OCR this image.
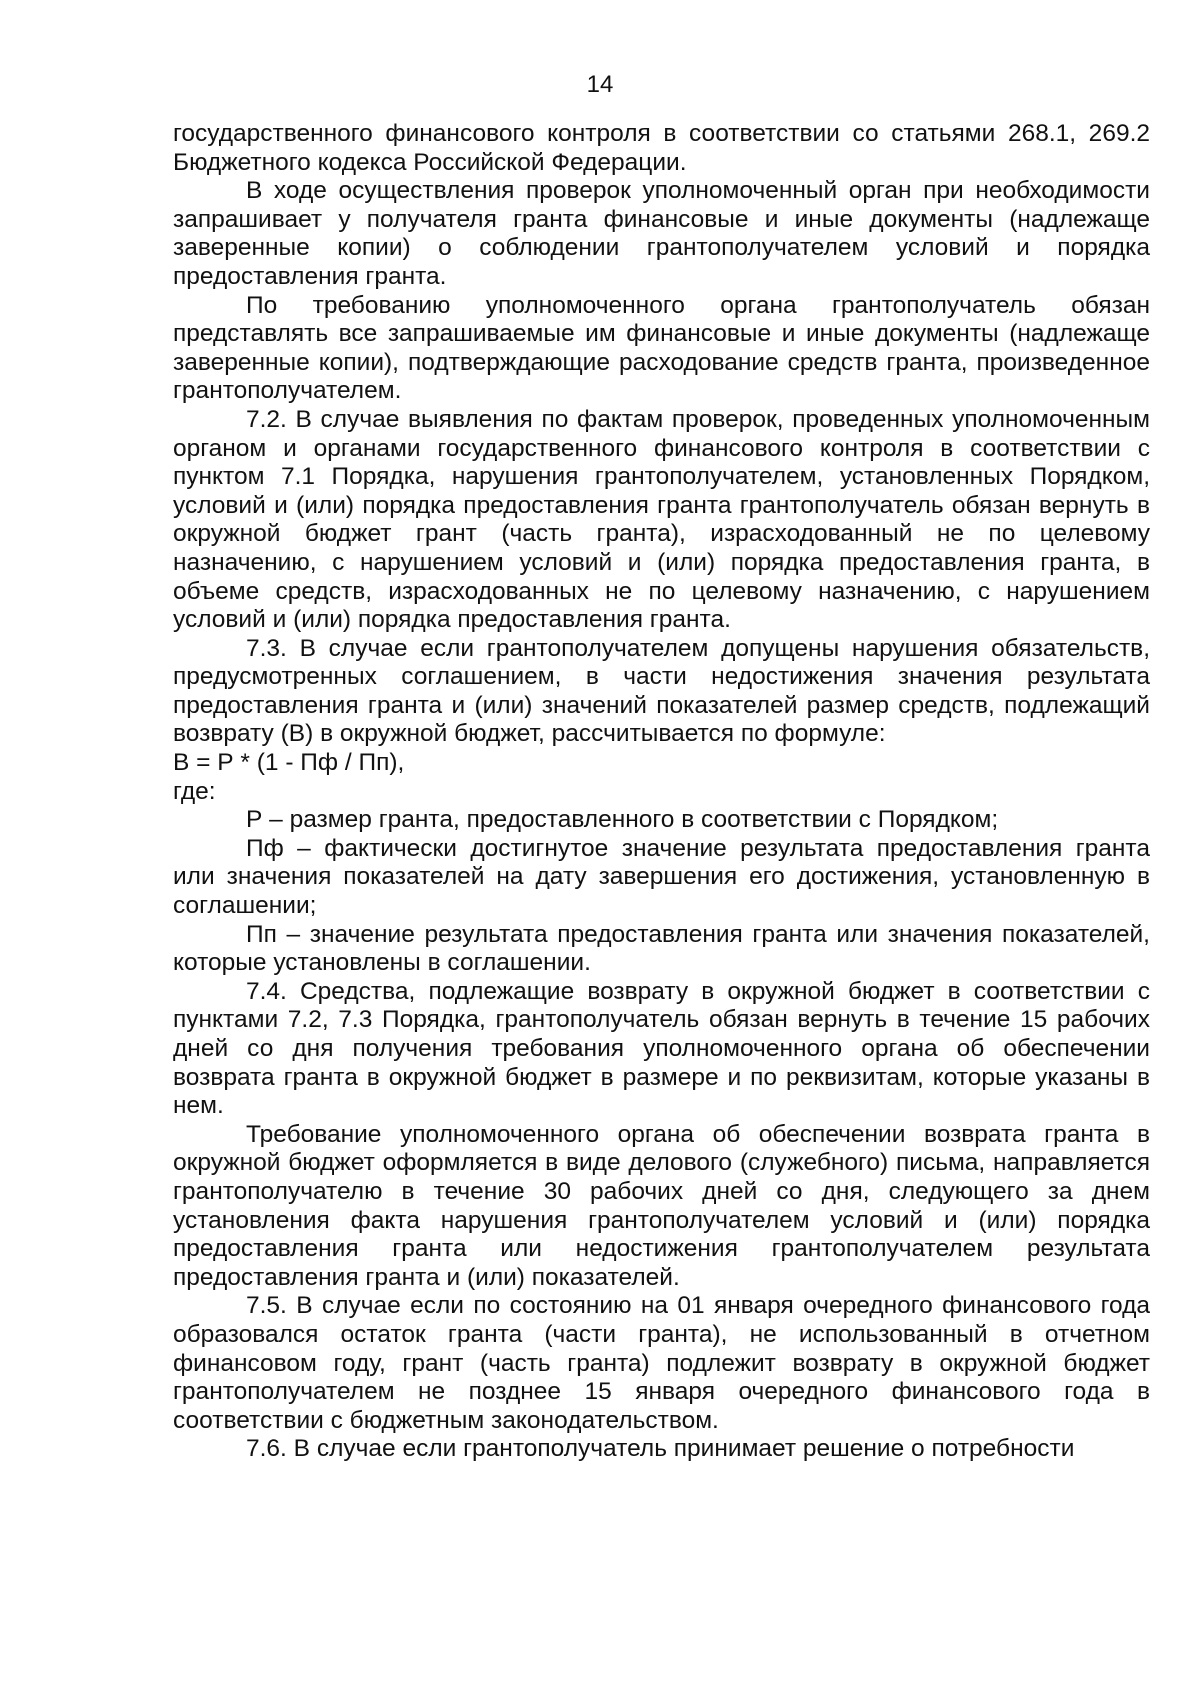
14

государственного финансового контроля в соответствии со статьями 268.1, 269.2 Бюджетного кодекса Российской Федерации.

В ходе осуществления проверок уполномоченный орган при необходимости запрашивает у получателя гранта финансовые и иные документы (надлежаще заверенные копии) о соблюдении грантополучателем условий и порядка предоставления гранта.

По требованию уполномоченного органа грантополучатель обязан представлять все запрашиваемые им финансовые и иные документы (надлежаще заверенные копии), подтверждающие расходование средств гранта, произведенное грантополучателем.

7.2. В случае выявления по фактам проверок, проведенных уполномоченным органом и органами государственного финансового контроля в соответствии с пунктом 7.1 Порядка, нарушения грантополучателем, установленных Порядком, условий и (или) порядка предоставления гранта грантополучатель обязан вернуть в окружной бюджет грант (часть гранта), израсходованный не по целевому назначению, с нарушением условий и (или) порядка предоставления гранта, в объеме средств, израсходованных не по целевому назначению, с нарушением условий и (или) порядка предоставления гранта.

7.3. В случае если грантополучателем допущены нарушения обязательств, предусмотренных соглашением, в части недостижения значения результата предоставления гранта и (или) значений показателей размер средств, подлежащий возврату (В) в окружной бюджет, рассчитывается по формуле:

В = Р * (1 - Пф / Пп),

где:

Р – размер гранта, предоставленного в соответствии с Порядком;

Пф – фактически достигнутое значение результата предоставления гранта или значения показателей на дату завершения его достижения, установленную в соглашении;

Пп – значение результата предоставления гранта или значения показателей, которые установлены в соглашении.

7.4. Средства, подлежащие возврату в окружной бюджет в соответствии с пунктами 7.2, 7.3 Порядка, грантополучатель обязан вернуть в течение 15 рабочих дней со дня получения требования уполномоченного органа об обеспечении возврата гранта в окружной бюджет в размере и по реквизитам, которые указаны в нем.

Требование уполномоченного органа об обеспечении возврата гранта в окружной бюджет оформляется в виде делового (служебного) письма, направляется грантополучателю в течение 30 рабочих дней со дня, следующего за днем установления факта нарушения грантополучателем условий и (или) порядка предоставления гранта или недостижения грантополучателем результата предоставления гранта и (или) показателей.

7.5. В случае если по состоянию на 01 января очередного финансового года образовался остаток гранта (части гранта), не использованный в отчетном финансовом году, грант (часть гранта) подлежит возврату в окружной бюджет грантополучателем не позднее 15 января очередного финансового года в соответствии с бюджетным законодательством.

7.6. В случае если грантополучатель принимает решение о потребности
